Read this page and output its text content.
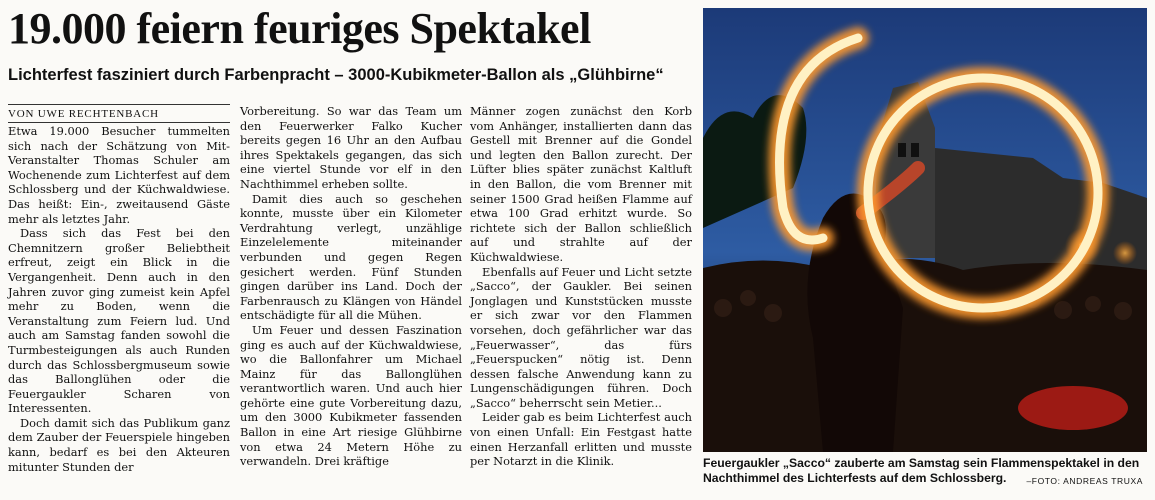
19.000 feiern feuriges Spektakel
Lichterfest fasziniert durch Farbenpracht – 3000-Kubikmeter-Ballon als „Glühbirne“
VON UWE RECHTENBACH

Etwa 19.000 Besucher tummelten sich nach der Schätzung von Mit-Veranstalter Thomas Schuler am Wochenende zum Lichterfest auf dem Schlossberg und der Küchwaldwiese. Das heißt: Ein-, zweitausend Gäste mehr als letztes Jahr.

Dass sich das Fest bei den Chemnitzern großer Beliebtheit erfreut, zeigt ein Blick in die Vergangenheit. Denn auch in den Jahren zuvor ging zumeist kein Apfel mehr zu Boden, wenn die Veranstaltung zum Feiern lud. Und auch am Samstag fanden sowohl die Turmbesteigungen als auch Runden durch das Schlossbergmuseum sowie das Ballonglühen oder die Feuergaukler Scharen von Interessenten.

Doch damit sich das Publikum ganz dem Zauber der Feuerspiele hingeben kann, bedarf es bei den Akteuren mitunter Stunden der

Vorbereitung. So war das Team um den Feuerwerker Falko Kucher bereits gegen 16 Uhr an den Aufbau ihres Spektakels gegangen, das sich eine viertel Stunde vor elf in den Nachthimmel erheben sollte.

Damit dies auch so geschehen konnte, musste über ein Kilometer Verdrahtung verlegt, unzählige Einzelelemente miteinander verbunden und gegen Regen gesichert werden. Fünf Stunden gingen darüber ins Land. Doch der Farbenrausch zu Klängen von Händel entschädigte für all die Mühen.

Um Feuer und dessen Faszination ging es auch auf der Küchwaldwiese, wo die Ballonfahrer um Michael Mainz für das Ballonglühen verantwortlich waren. Und auch hier gehörte eine gute Vorbereitung dazu, um den 3000 Kubikmeter fassenden Ballon in eine Art riesige Glühbirne von etwa 24 Metern Höhe zu verwandeln. Drei kräftige

Männer zogen zunächst den Korb vom Anhänger, installierten dann das Gestell mit Brenner auf die Gondel und legten den Ballon zurecht. Der Lüfter blies später zunächst Kaltluft in den Ballon, die vom Brenner mit seiner 1500 Grad heißen Flamme auf etwa 100 Grad erhitzt wurde. So richtete sich der Ballon schließlich auf und strahlte auf der Küchwaldwiese.

Ebenfalls auf Feuer und Licht setzte „Sacco“, der Gaukler. Bei seinen Jonglagen und Kunststücken musste er sich zwar vor den Flammen vorsehen, doch gefährlicher war das „Feuerwasser“, das fürs „Feuerspucken“ nötig ist. Denn dessen falsche Anwendung kann zu Lungenschädigungen führen. Doch „Sacco“ beherrscht sein Metier...

Leider gab es beim Lichterfest auch von einen Unfall: Ein Festgast hatte einen Herzanfall erlitten und musste per Notarzt in die Klinik.	Feuergaukler „Sacco“ zauberte am Samstag sein Flammenspektakel in den Nachthimmel des Lichterfests auf dem Schlossberg.	–FOTO: ANDREAS TRUXA
